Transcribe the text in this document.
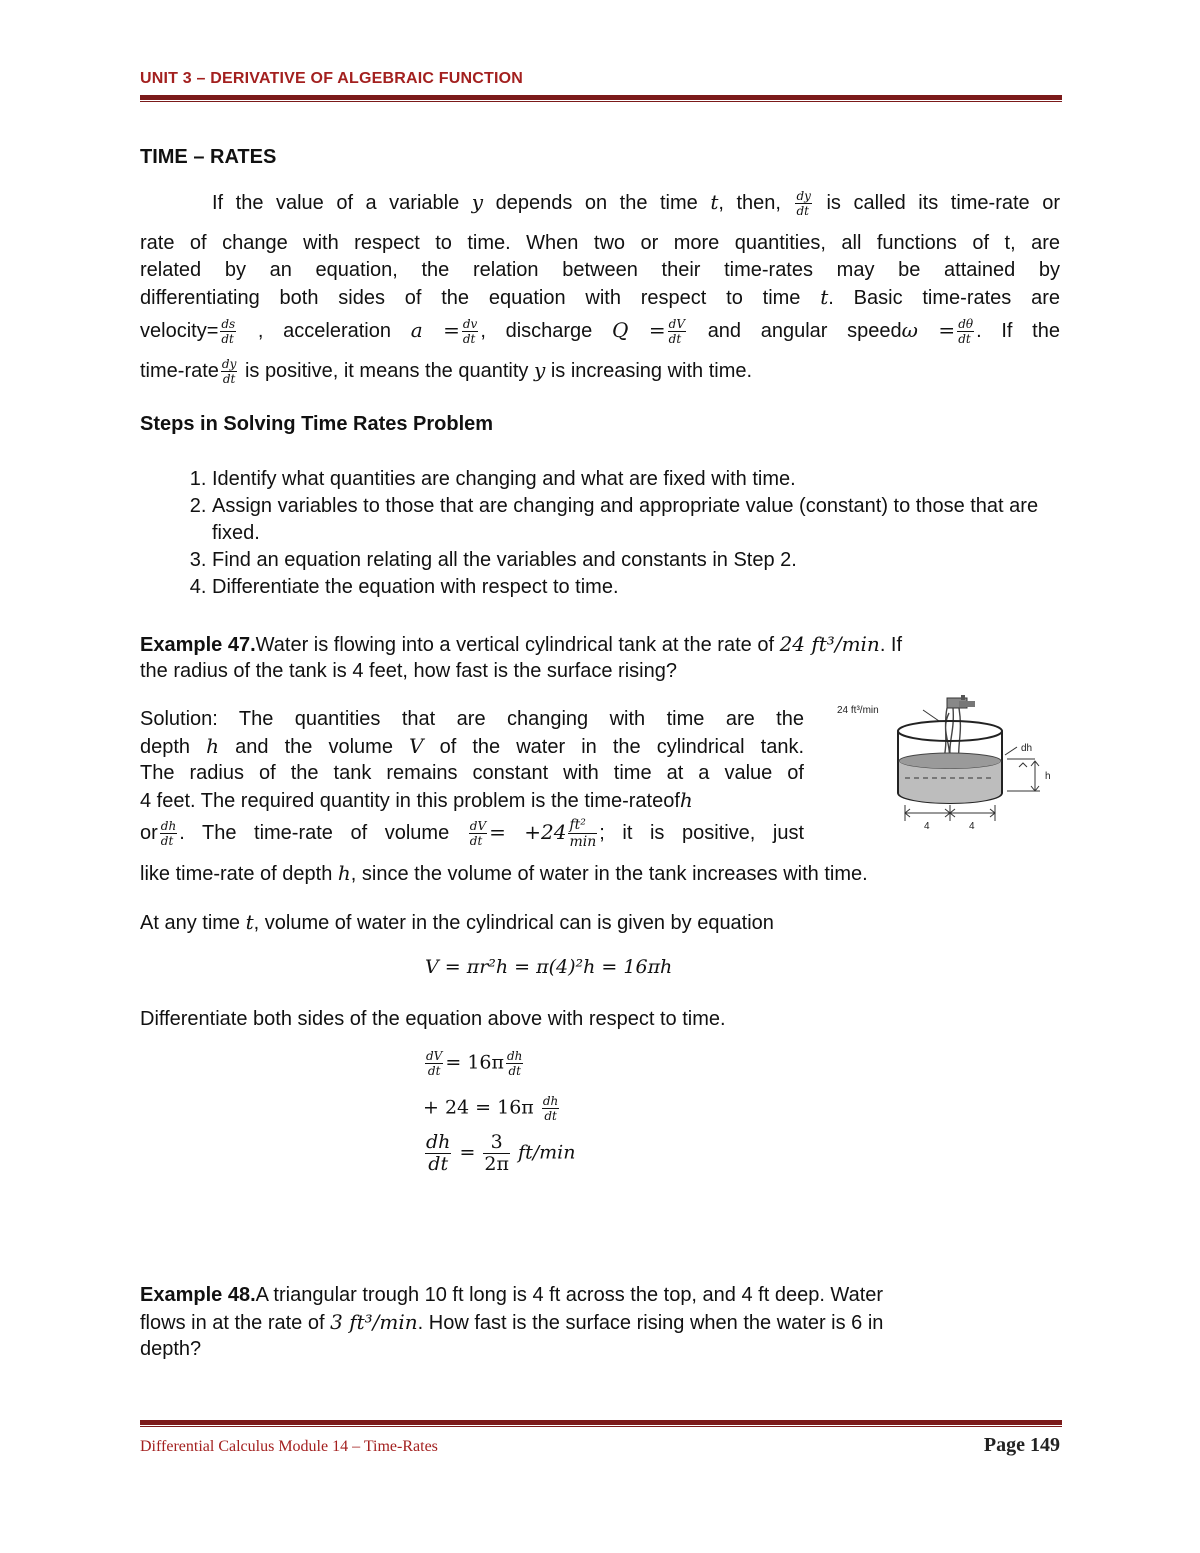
UNIT 3 – DERIVATIVE OF ALGEBRAIC FUNCTION
TIME – RATES
If the value of a variable y depends on the time t, then, $\frac{dy}{dt}$ is called its time-rate or
rate of change with respect to time. When two or more quantities, all functions of t, are
related by an equation, the relation between their time-rates may be attained by
differentiating both sides of the equation with respect to time t. Basic time-rates are
velocity= $\frac{ds}{dt}$ , acceleration $a = \frac{dv}{dt}$ , discharge $Q = \frac{dV}{dt}$ and angular speedω = $\frac{d\theta}{dt}$ . If the
time-rate $\frac{dy}{dt}$ is positive, it means the quantity y is increasing with time.
Steps in Solving Time Rates Problem
1. Identify what quantities are changing and what are fixed with time.
2. Assign variables to those that are changing and appropriate value (constant) to those that are fixed.
3. Find an equation relating all the variables and constants in Step 2.
4. Differentiate the equation with respect to time.
Example 47.Water is flowing into a vertical cylindrical tank at the rate of 24 ft³/min. If
the radius of the tank is 4 feet, how fast is the surface rising?
Solution: The quantities that are changing with time are the
depth h and the volume V of the water in the cylindrical tank.
The radius of the tank remains constant with time at a value of
4 feet. The required quantity in this problem is the time-rateofh
or $\frac{dh}{dt}$ . The time-rate of volume $\frac{dV}{dt} = +24 \frac{\text{ft²}}{\min}$ ; it is positive, just
like time-rate of depth h, since the volume of water in the tank increases with time.
24 ft³/min
dh
h
4	4
At any time t, volume of water in the cylindrical can is given by equation
V = πr²h = π(4)²h = 16πh
Differentiate both sides of the equation above with respect to time.
$\frac{dV}{dt} = 16\pi \frac{dh}{dt}$
+ $24 = 16\pi \frac{dh}{dt}$
$\frac{dh}{dt} = \frac{3}{2\pi} ft/\min$
Example 48.A triangular trough 10 ft long is 4 ft across the top, and 4 ft deep. Water
flows in at the rate of 3 ft³/min. How fast is the surface rising when the water is 6 in
depth?
Differential Calculus Module 14 – Time-Rates	Page 149
